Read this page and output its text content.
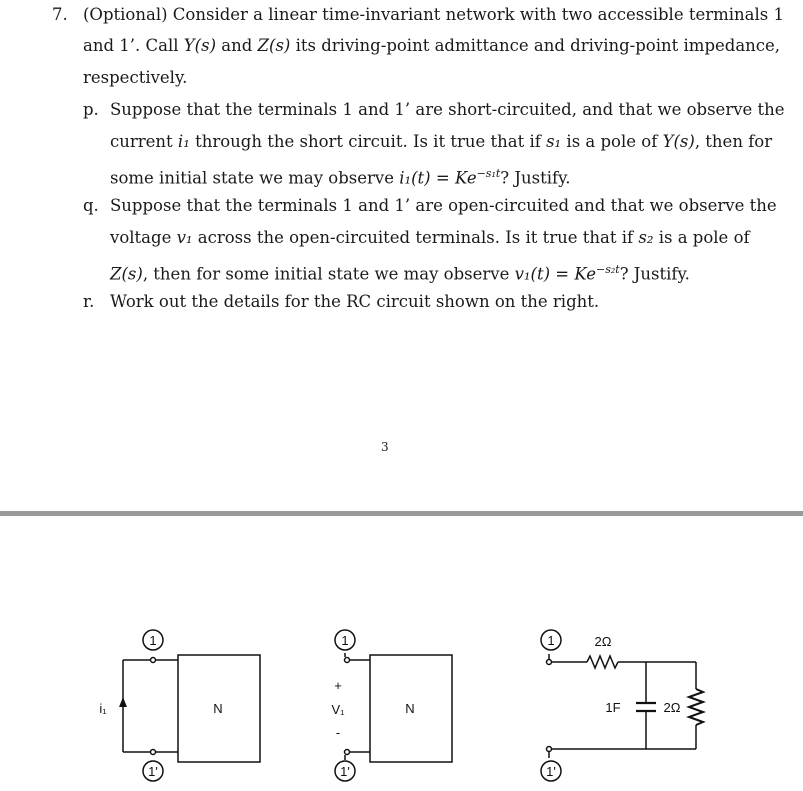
7. (Optional) Consider a linear time-invariant network with two accessible terminals 1
and 1’. Call Y(s) and Z(s) its driving-point admittance and driving-point impedance,
respectively.
p. Suppose that the terminals 1 and 1’ are short-circuited, and that we observe the
current i₁ through the short circuit. Is it true that if s₁ is a pole of Y(s), then for
some initial state we may observe $i_1(t) = Ke^{-s_1t}$? Justify.
q. Suppose that the terminals 1 and 1’ are open-circuited and that we observe the
voltage v₁ across the open-circuited terminals. Is it true that if s₂ is a pole of
Z(s), then for some initial state we may observe $v_1(t) = Ke^{-s_2t}$? Justify.
r. Work out the details for the RC circuit shown on the right.
3
1
1'
i₁	N
1
1'
+
V₁
-
N
1
1'
2Ω
1F	2Ω
